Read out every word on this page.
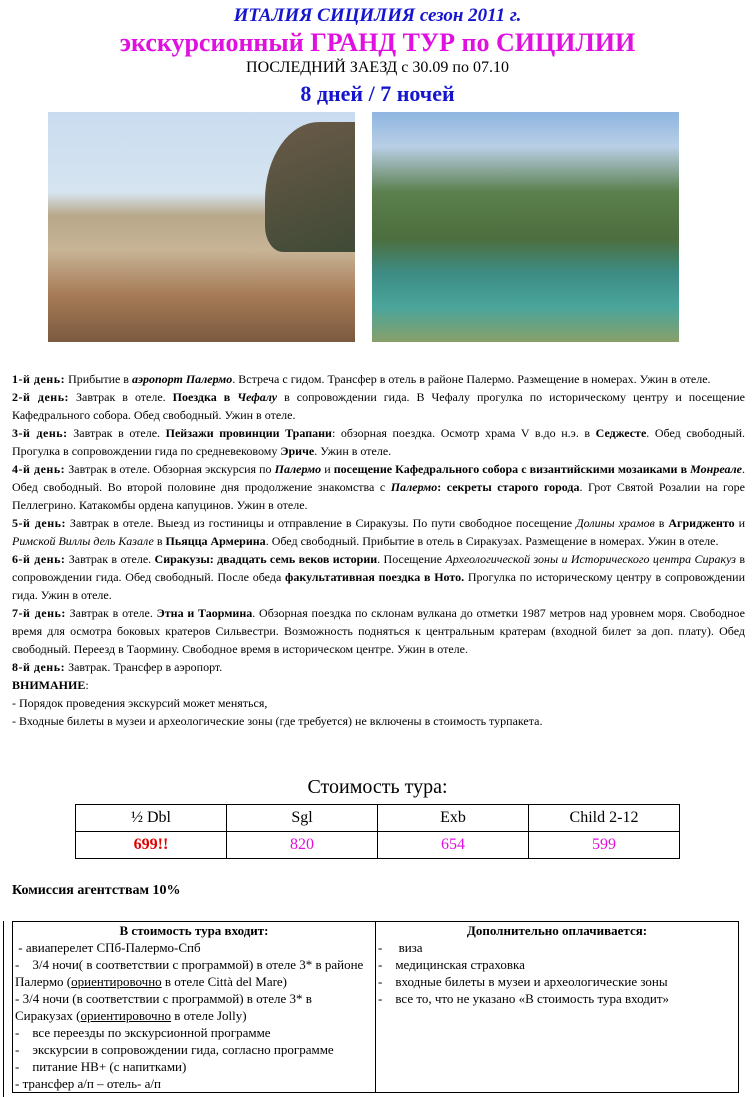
ИТАЛИЯ СИЦИЛИЯ сезон 2011 г.
экскурсионный ГРАНД ТУР по СИЦИЛИИ
ПОСЛЕДНИЙ ЗАЕЗД с 30.09 по 07.10
8 дней / 7 ночей

1-й день: Прибытие в аэропорт Палермо. Встреча с гидом. Трансфер в отель в районе Палермо. Размещение в номерах. Ужин в отеле.

2-й день: Завтрак в отеле. Поездка в Чефалу в сопровождении гида. В Чефалу прогулка по историческому центру и посещение Кафедрального собора. Обед свободный. Ужин в отеле.

3-й день: Завтрак в отеле. Пейзажи провинции Трапани: обзорная поездка. Осмотр храма V в.до н.э. в Седжесте. Обед свободный. Прогулка в сопровождении гида по средневековому Эриче. Ужин в отеле.

4-й день: Завтрак в отеле. Обзорная экскурсия по Палермо и посещение Кафедрального собора с византийскими мозаиками в Монреале. Обед свободный. Во второй половине дня продолжение знакомства с Палермо: секреты старого города. Грот Святой Розалии на горе Пеллегрино. Катакомбы ордена капуцинов. Ужин в отеле.

5-й день: Завтрак в отеле. Выезд из гостиницы и отправление в Сиракузы. По пути свободное посещение Долины храмов в Агридженто и Римской Виллы дель Казале в Пьяцца Армерина. Обед свободный. Прибытие в отель в Сиракузах. Размещение в номерах. Ужин в отеле.

6-й день: Завтрак в отеле. Сиракузы: двадцать семь веков истории. Посещение Археологической зоны и Исторического центра Сиракуз в сопровождении гида. Обед свободный. После обеда факультативная поездка в Ното. Прогулка по историческому центру в сопровождении гида. Ужин в отеле.

7-й день: Завтрак в отеле. Этна и Таормина. Обзорная поездка по склонам вулкана до отметки 1987 метров над уровнем моря. Свободное время для осмотра боковых кратеров Сильвестри. Возможность подняться к центральным кратерам (входной билет за доп. плату). Обед свободный. Переезд в Таормину. Свободное время в историческом центре. Ужин в отеле.

8-й день: Завтрак. Трансфер в аэропорт.

ВНИМАНИЕ:

- Порядок проведения экскурсий может меняться,

- Входные билеты в музеи и археологические зоны (где требуется) не включены в стоимость турпакета.

Стоимость тура:
½ Dbl	Sgl	Exb	Child 2-12
699!!	820	654	599
Комиссия агентствам 10%
В стоимость тура входит:
- авиаперелет СПб-Палермо-Спб
-    3/4 ночи( в соответствии с программой) в отеле 3* в районе Палермо (ориентировочно в отеле Città del Mare)
- 3/4 ночи (в соответствии с программой) в отеле 3* в Сиракузах (ориентировочно в отеле Jolly)
-    все переезды по экскурсионной программе
-    экскурсии в сопровождении гида, согласно программе
-    питание HB+ (с напитками)
- трансфер а/п – отель- а/п

Дополнительно оплачивается:
-     виза
-    медицинская страховка
-    входные билеты в музеи и археологические зоны
-    все то, что не указано «В стоимость тура входит»
